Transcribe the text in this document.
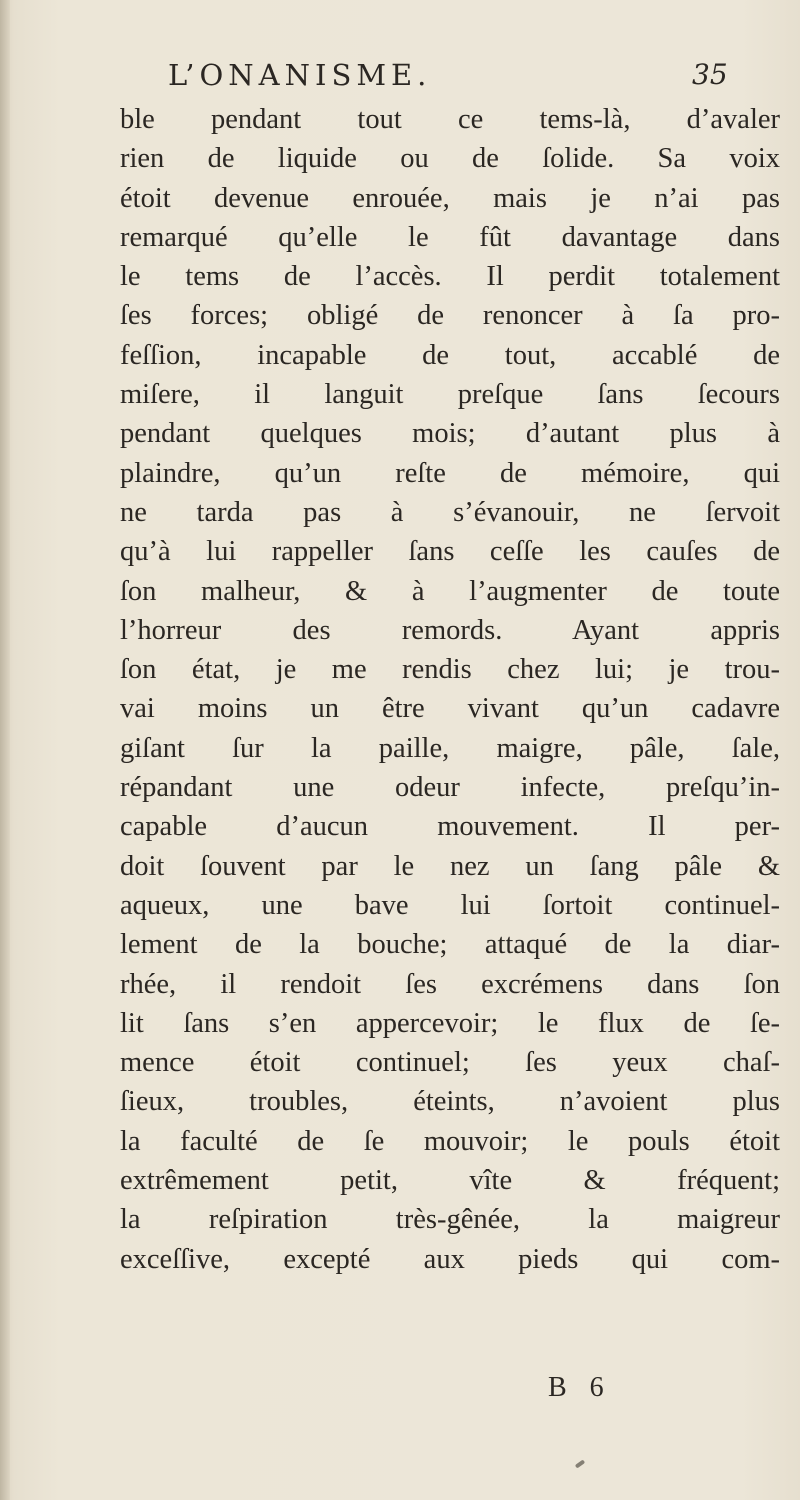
L’ONANISME.	35
ble pendant tout ce tems-là, d’avaler
rien de liquide ou de ſolide. Sa voix
étoit devenue enrouée, mais je n’ai pas
remarqué qu’elle le fût davantage dans
le tems de l’accès. Il perdit totalement
ſes forces; obligé de renoncer à ſa pro-
feſſion, incapable de tout, accablé de
miſere, il languit preſque ſans ſecours
pendant quelques mois; d’autant plus à
plaindre, qu’un reſte de mémoire, qui
ne tarda pas à s’évanouir, ne ſervoit
qu’à lui rappeller ſans ceſſe les cauſes de
ſon malheur, & à l’augmenter de toute
l’horreur des remords. Ayant appris
ſon état, je me rendis chez lui; je trou-
vai moins un être vivant qu’un cadavre
giſant ſur la paille, maigre, pâle, ſale,
répandant une odeur infecte, preſqu’in-
capable d’aucun mouvement. Il per-
doit ſouvent par le nez un ſang pâle &
aqueux, une bave lui ſortoit continuel-
lement de la bouche; attaqué de la diar-
rhée, il rendoit ſes excrémens dans ſon
lit ſans s’en appercevoir; le flux de ſe-
mence étoit continuel; ſes yeux chaſ-
ſieux, troubles, éteints, n’avoient plus
la faculté de ſe mouvoir; le pouls étoit
extrêmement petit, vîte & fréquent;
la reſpiration très-gênée, la maigreur
exceſſive, excepté aux pieds qui com-
B 6
